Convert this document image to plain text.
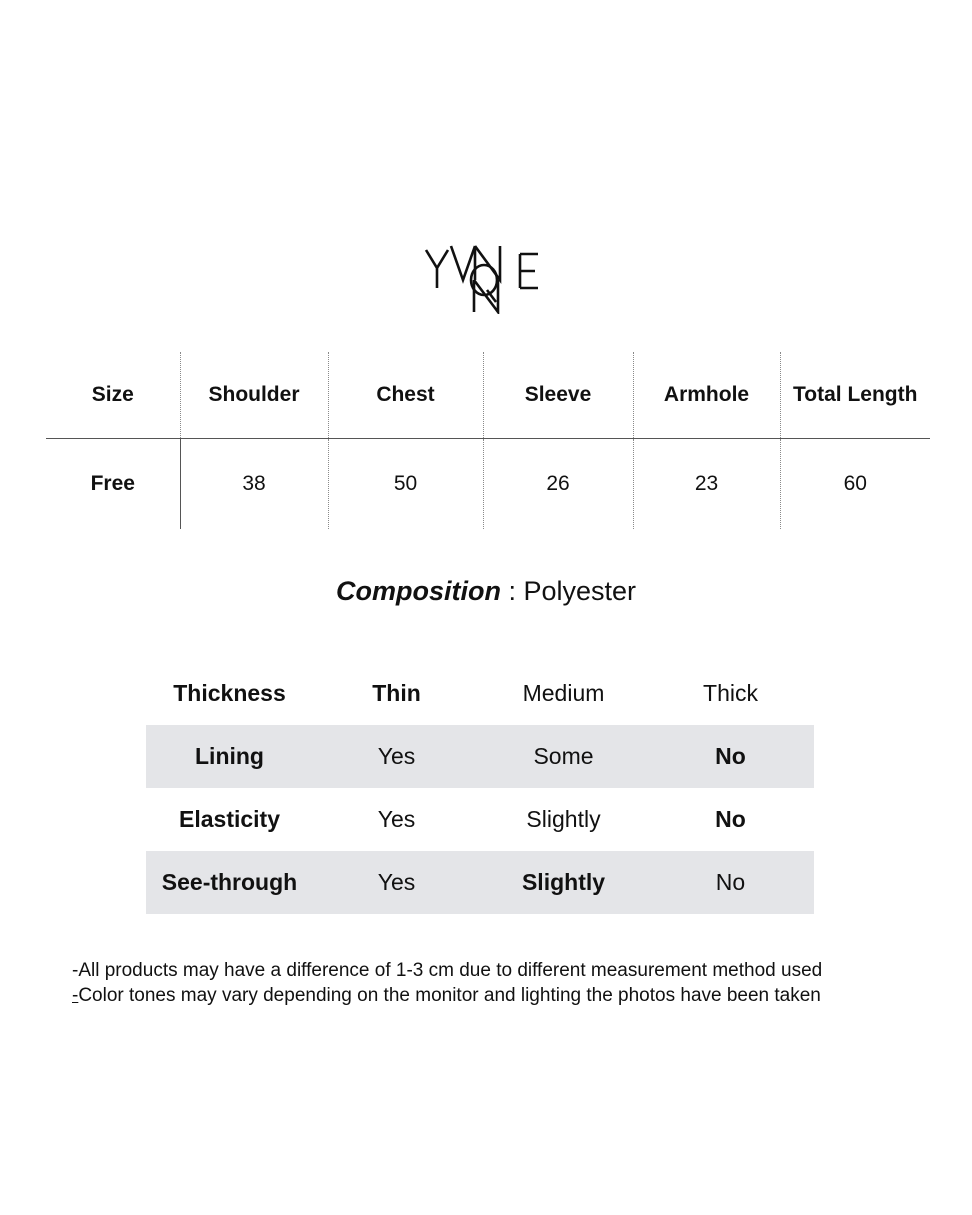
Size	Shoulder	Chest	Sleeve	Armhole	Total Length
Free	38	50	26	23	60
Composition : Polyester
Thickness	Thin	Medium	Thick
Lining	Yes	Some	No
Elasticity	Yes	Slightly	No
See-through	Yes	Slightly	No
-All products may have a difference of 1-3 cm due to different measurement method used
-Color tones may vary depending on the monitor and lighting the photos have been taken
